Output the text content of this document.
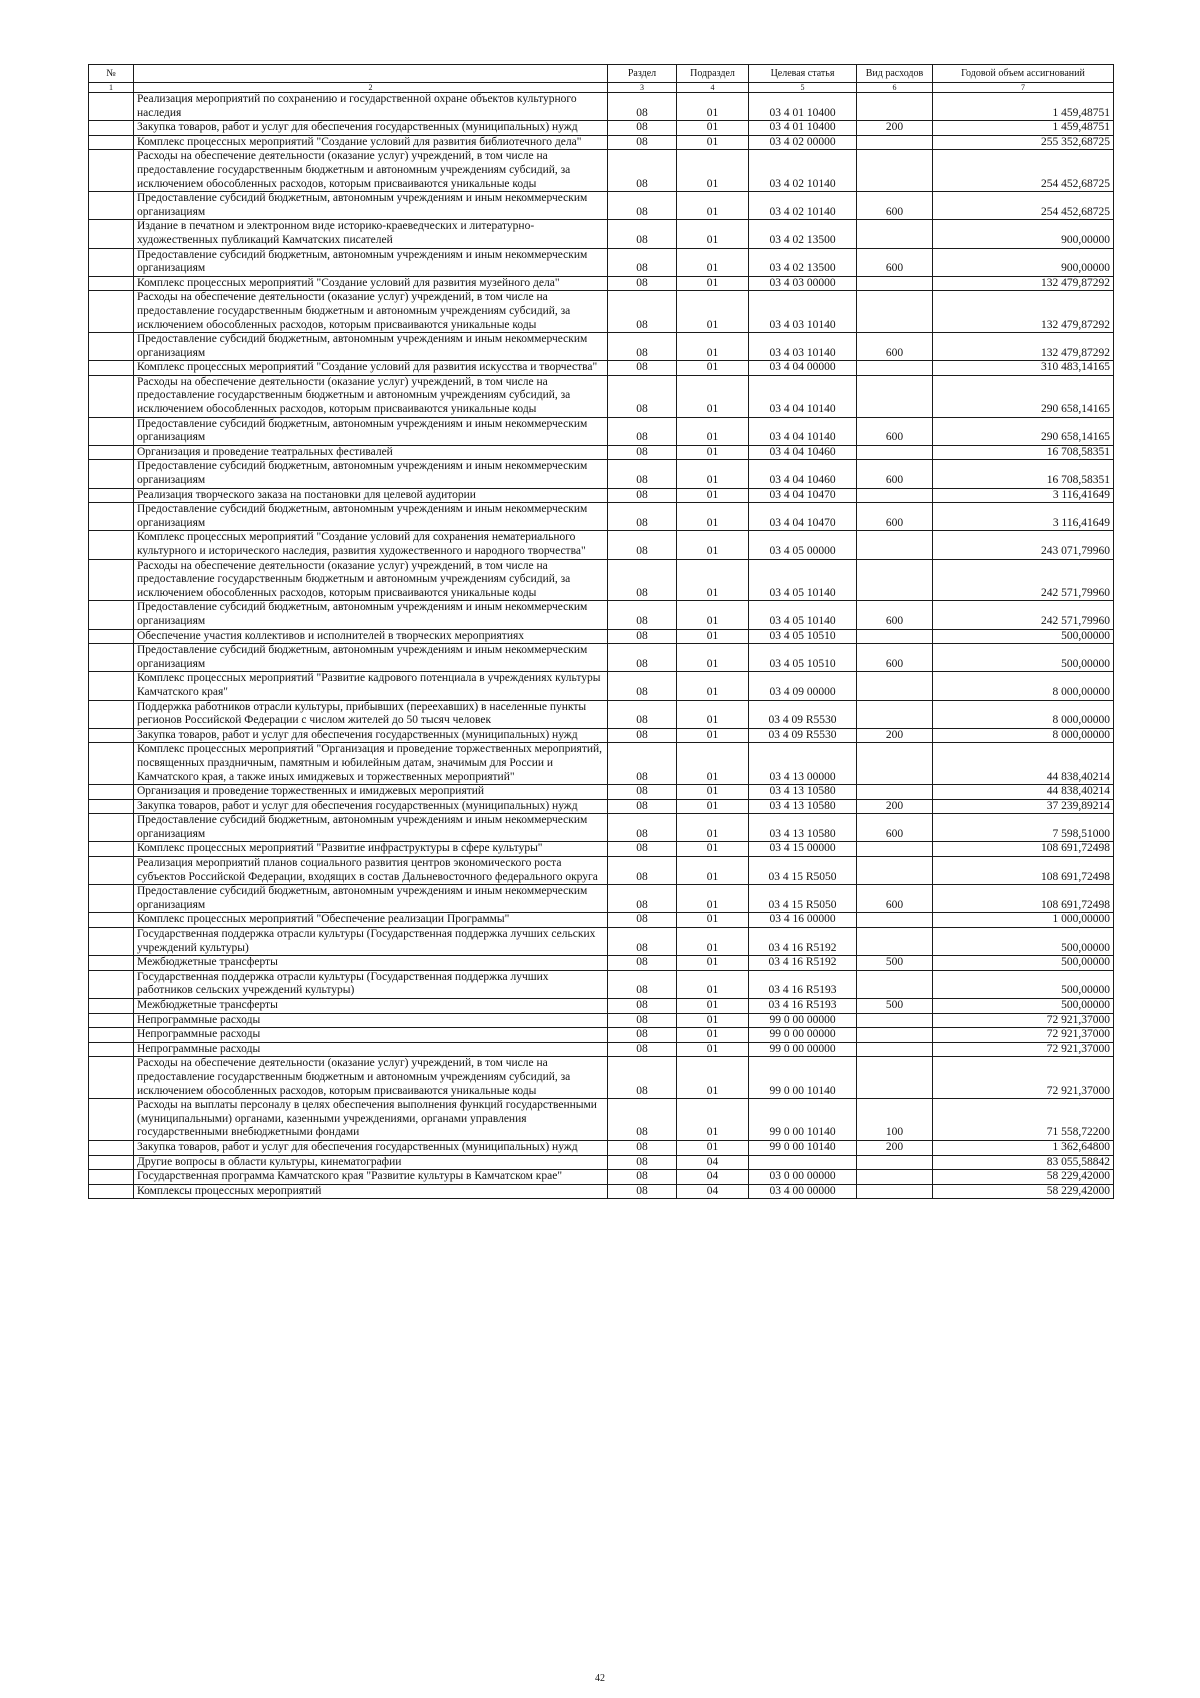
№		Раздел	Подраздел	Целевая статья	Вид расходов	Годовой объем ассигнований
1	2	3	4	5	6	7
	Реализация мероприятий по сохранению и государственной охране объектов культурного наследия	08	01	03 4 01 10400		1 459,48751
	Закупка товаров, работ и услуг для обеспечения государственных (муниципальных) нужд	08	01	03 4 01 10400	200	1 459,48751
	Комплекс процессных мероприятий "Создание условий для развития библиотечного дела"	08	01	03 4 02 00000		255 352,68725
	Расходы на обеспечение деятельности (оказание услуг) учреждений, в том числе на предоставление государственным бюджетным и автономным учреждениям субсидий, за исключением обособленных расходов, которым присваиваются уникальные коды	08	01	03 4 02 10140		254 452,68725
	Предоставление субсидий бюджетным, автономным учреждениям и иным некоммерческим организациям	08	01	03 4 02 10140	600	254 452,68725
	Издание в печатном и электронном виде историко-краеведческих и литературно-художественных публикаций Камчатских писателей	08	01	03 4 02 13500		900,00000
	Предоставление субсидий бюджетным, автономным учреждениям и иным некоммерческим организациям	08	01	03 4 02 13500	600	900,00000
	Комплекс процессных мероприятий "Создание условий для развития музейного дела"	08	01	03 4 03 00000		132 479,87292
	Расходы на обеспечение деятельности (оказание услуг) учреждений, в том числе на предоставление государственным бюджетным и автономным учреждениям субсидий, за исключением обособленных расходов, которым присваиваются уникальные коды	08	01	03 4 03 10140		132 479,87292
	Предоставление субсидий бюджетным, автономным учреждениям и иным некоммерческим организациям	08	01	03 4 03 10140	600	132 479,87292
	Комплекс процессных мероприятий "Создание условий для развития искусства и творчества"	08	01	03 4 04 00000		310 483,14165
	Расходы на обеспечение деятельности (оказание услуг) учреждений, в том числе на предоставление государственным бюджетным и автономным учреждениям субсидий, за исключением обособленных расходов, которым присваиваются уникальные коды	08	01	03 4 04 10140		290 658,14165
	Предоставление субсидий бюджетным, автономным учреждениям и иным некоммерческим организациям	08	01	03 4 04 10140	600	290 658,14165
	Организация и проведение театральных фестивалей	08	01	03 4 04 10460		16 708,58351
	Предоставление субсидий бюджетным, автономным учреждениям и иным некоммерческим организациям	08	01	03 4 04 10460	600	16 708,58351
	Реализация творческого заказа на постановки для целевой аудитории	08	01	03 4 04 10470		3 116,41649
	Предоставление субсидий бюджетным, автономным учреждениям и иным некоммерческим организациям	08	01	03 4 04 10470	600	3 116,41649
	Комплекс процессных мероприятий "Создание условий для сохранения нематериального культурного и исторического наследия, развития художественного и народного творчества"	08	01	03 4 05 00000		243 071,79960
	Расходы на обеспечение деятельности (оказание услуг) учреждений, в том числе на предоставление государственным бюджетным и автономным учреждениям субсидий, за исключением обособленных расходов, которым присваиваются уникальные коды	08	01	03 4 05 10140		242 571,79960
	Предоставление субсидий бюджетным, автономным учреждениям и иным некоммерческим организациям	08	01	03 4 05 10140	600	242 571,79960
	Обеспечение участия коллективов и исполнителей в творческих мероприятиях	08	01	03 4 05 10510		500,00000
	Предоставление субсидий бюджетным, автономным учреждениям и иным некоммерческим организациям	08	01	03 4 05 10510	600	500,00000
	Комплекс процессных мероприятий "Развитие кадрового потенциала в учреждениях культуры Камчатского края"	08	01	03 4 09 00000		8 000,00000
	Поддержка работников отрасли культуры, прибывших (переехавших) в населенные пункты регионов Российской Федерации с числом жителей до 50 тысяч человек	08	01	03 4 09 R5530		8 000,00000
	Закупка товаров, работ и услуг для обеспечения государственных (муниципальных) нужд	08	01	03 4 09 R5530	200	8 000,00000
	Комплекс процессных мероприятий "Организация и проведение торжественных мероприятий, посвященных праздничным, памятным и юбилейным датам, значимым для России и Камчатского края, а также иных имиджевых и торжественных мероприятий"	08	01	03 4 13 00000		44 838,40214
	Организация и проведение торжественных и имиджевых мероприятий	08	01	03 4 13 10580		44 838,40214
	Закупка товаров, работ и услуг для обеспечения государственных (муниципальных) нужд	08	01	03 4 13 10580	200	37 239,89214
	Предоставление субсидий бюджетным, автономным учреждениям и иным некоммерческим организациям	08	01	03 4 13 10580	600	7 598,51000
	Комплекс процессных мероприятий "Развитие инфраструктуры в сфере культуры"	08	01	03 4 15 00000		108 691,72498
	Реализация мероприятий планов социального развития центров экономического роста субъектов Российской Федерации, входящих в состав Дальневосточного федерального округа	08	01	03 4 15 R5050		108 691,72498
	Предоставление субсидий бюджетным, автономным учреждениям и иным некоммерческим организациям	08	01	03 4 15 R5050	600	108 691,72498
	Комплекс процессных мероприятий "Обеспечение реализации Программы"	08	01	03 4 16 00000		1 000,00000
	Государственная поддержка отрасли культуры (Государственная поддержка лучших сельских учреждений культуры)	08	01	03 4 16 R5192		500,00000
	Межбюджетные трансферты	08	01	03 4 16 R5192	500	500,00000
	Государственная поддержка отрасли культуры (Государственная поддержка лучших работников сельских учреждений культуры)	08	01	03 4 16 R5193		500,00000
	Межбюджетные трансферты	08	01	03 4 16 R5193	500	500,00000
	Непрограммные расходы	08	01	99 0 00 00000		72 921,37000
	Непрограммные расходы	08	01	99 0 00 00000		72 921,37000
	Непрограммные расходы	08	01	99 0 00 00000		72 921,37000
	Расходы на обеспечение деятельности (оказание услуг) учреждений, в том числе на предоставление государственным бюджетным и автономным учреждениям субсидий, за исключением обособленных расходов, которым присваиваются уникальные коды	08	01	99 0 00 10140		72 921,37000
	Расходы на выплаты персоналу в целях обеспечения выполнения функций государственными (муниципальными) органами, казенными учреждениями, органами управления государственными внебюджетными фондами	08	01	99 0 00 10140	100	71 558,72200
	Закупка товаров, работ и услуг для обеспечения государственных (муниципальных) нужд	08	01	99 0 00 10140	200	1 362,64800
	Другие вопросы в области культуры, кинематографии	08	04			83 055,58842
	Государственная программа Камчатского края "Развитие культуры в Камчатском крае"	08	04	03 0 00 00000		58 229,42000
	Комплексы процессных мероприятий	08	04	03 4 00 00000		58 229,42000
42
